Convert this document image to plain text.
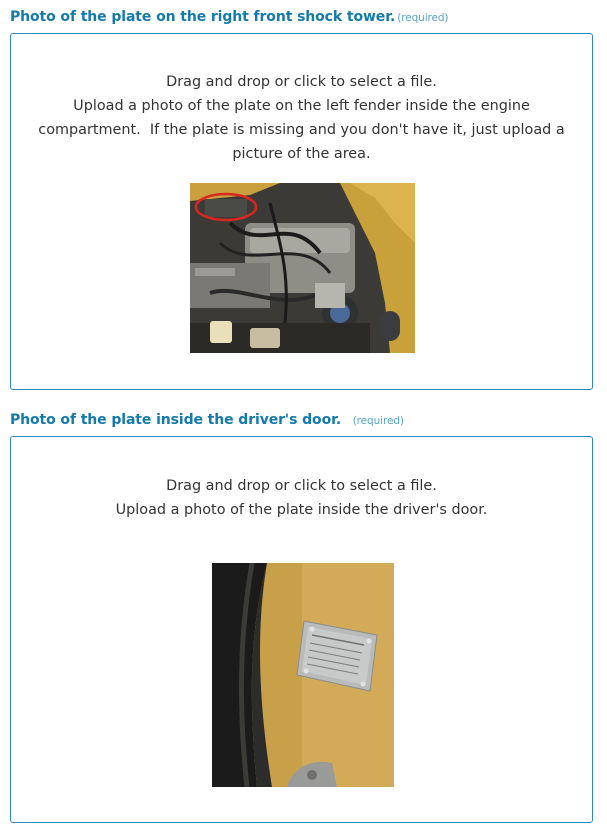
Photo of the plate on the right front shock tower. (required)
Drag and drop or click to select a file.
Upload a photo of the plate on the left fender inside the engine compartment.  If the plate is missing and you don't have it, just upload a picture of the area.
Photo of the plate inside the driver's door. (required)
Drag and drop or click to select a file.
Upload a photo of the plate inside the driver's door.
